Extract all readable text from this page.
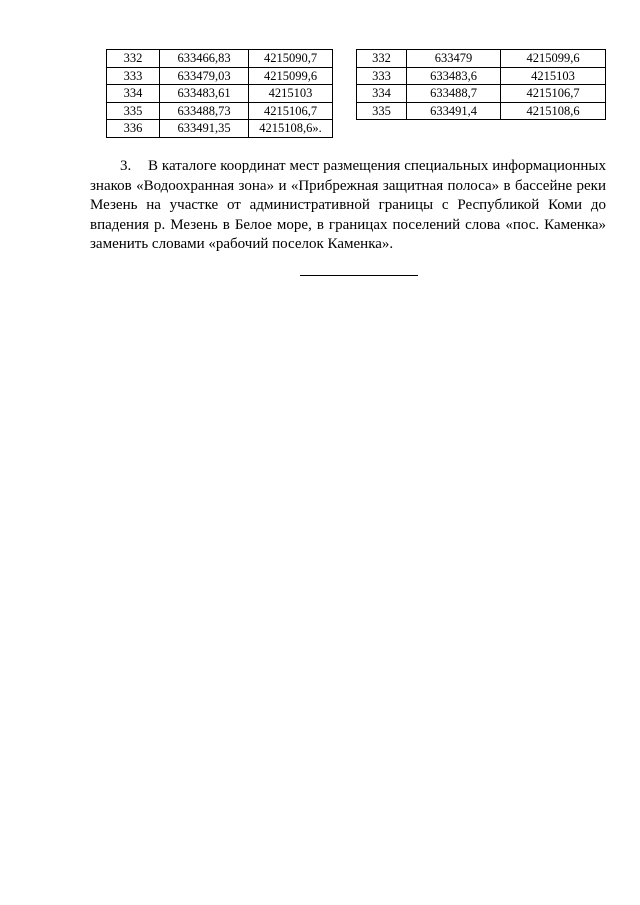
332	633466,83	4215090,7
333	633479,03	4215099,6
334	633483,61	4215103
335	633488,73	4215106,7
336	633491,35	4215108,6».
332	633479	4215099,6
333	633483,6	4215103
334	633488,7	4215106,7
335	633491,4	4215108,6

3. В каталоге координат мест размещения специальных информационных знаков «Водоохранная зона» и «Прибрежная защитная полоса» в бассейне реки Мезень на участке от административной границы с Республикой Коми до впадения р. Мезень в Белое море, в границах поселений слова «пос. Каменка» заменить словами «рабочий поселок Каменка».
